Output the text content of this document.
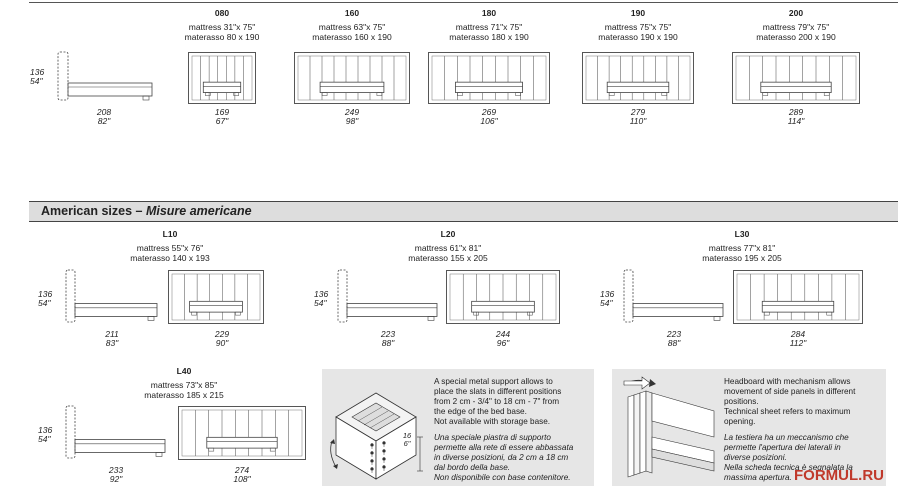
136
54"
208
82"
080
mattress 31"x 75"
materasso 80 x 190
169
67"
160
mattress 63"x 75"
materasso 160 x 190
249
98"
180
mattress 71"x 75"
materasso 180 x 190
269
106"
190
mattress 75"x 75"
materasso 190 x 190
279
110"
200
mattress 79"x 75"
materasso 200 x 190
289
114"
American sizes – Misure americane
L10
mattress 55"x 76"
materasso 140 x 193
136
54"
211
83"
229
90"
L20
mattress 61"x 81"
materasso 155 x 205
136
54"
223
88"
244
96"
L30
mattress 77"x 81"
materasso 195 x 205
136
54"
223
88"
284
112"
L40
mattress 73"x 85"
materasso 185 x 215
136
54"
233
92"
274
108"
16
6"
A special metal support allows to
place the slats in different positions
from 2 cm - 3/4" to 18 cm - 7" from
the edge of the bed base.
Not available with storage base.
Una speciale piastra di supporto
permette alla rete di essere abbassata
in diverse posizioni, da 2 cm a 18 cm
dal bordo della base.
Non disponibile con base contenitore.
Headboard with mechanism allows
movement of side panels in different
positions.
Technical sheet refers to maximum
opening.
La testiera ha un meccanismo che
permette l'apertura dei laterali in
diverse posizioni.
Nella scheda tecnica è segnalata la
massima apertura. FORMUL.RU
